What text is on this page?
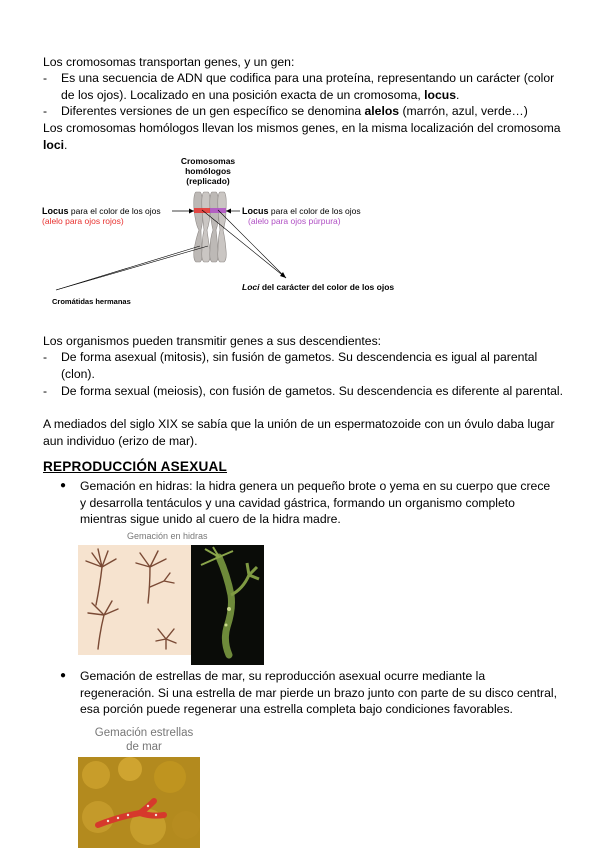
Los cromosomas transportan genes, y un gen:

- Es una secuencia de ADN que codifica para una proteína, representando un carácter (color de los ojos). Localizado en una posición exacta de un cromosoma, locus.
- Diferentes versiones de un gen específico se denomina alelos (marrón, azul, verde…)

Los cromosomas homólogos llevan los mismos genes, en la misma localización del cromosoma loci.

Cromosomas
homólogos
(replicado)
Locus para el color de los ojos
(alelo para ojos rojos)
Locus para el color de los ojos
(alelo para ojos púrpura)
Loci del carácter del color de los ojos
Cromátidas hermanas

Los organismos pueden transmitir genes a sus descendientes:

- De forma asexual (mitosis), sin fusión de gametos. Su descendencia es igual al parental (clon).
- De forma sexual (meiosis), con fusión de gametos. Su descendencia es diferente al parental.

A mediados del siglo XIX se sabía que la unión de un espermatozoide con un óvulo daba lugar aun individuo (erizo de mar).

REPRODUCCIÓN ASEXUAL
● Gemación en hidras: la hidra genera un pequeño brote o yema en su cuerpo que crece y desarrolla tentáculos y una cavidad gástrica, formando un organismo completo mientras sigue unido al cuero de la hidra madre.
Gemación en hidras
● Gemación de estrellas de mar, su reproducción asexual ocurre mediante la regeneración. Si una estrella de mar pierde un brazo junto con parte de su disco central, esa porción puede regenerar una estrella completa bajo condiciones favorables.
Gemación estrellas
de mar
